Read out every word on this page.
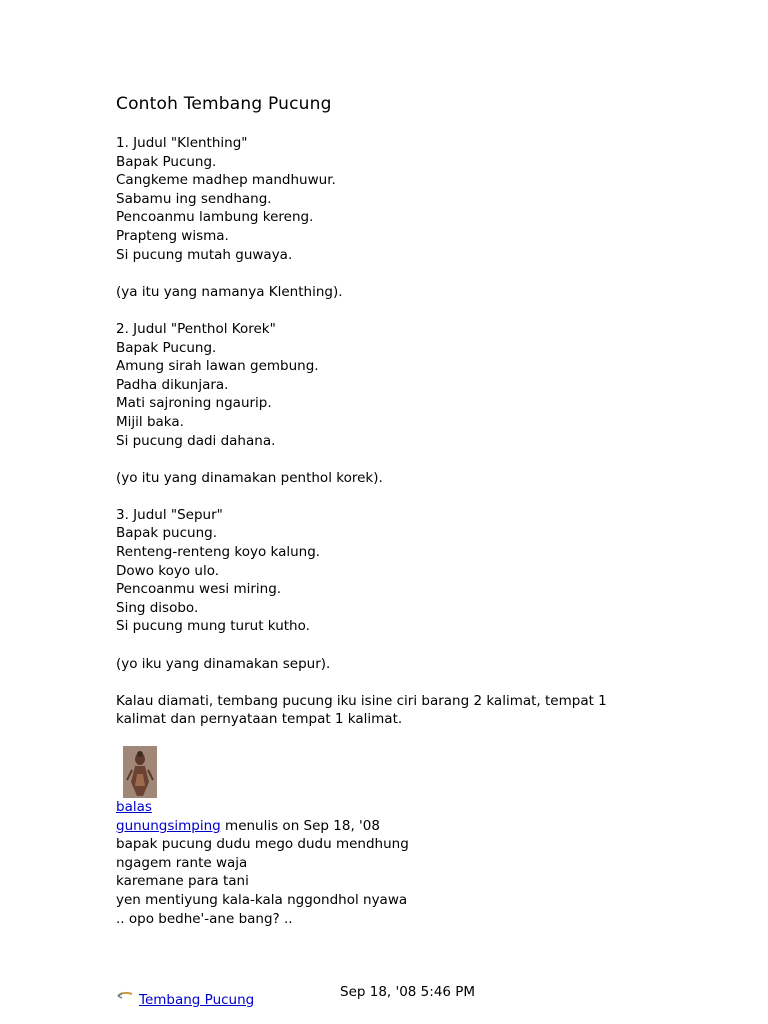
Contoh Tembang Pucung
1. Judul "Klenthing"
Bapak Pucung.
Cangkeme madhep mandhuwur.
Sabamu ing sendhang.
Pencoanmu lambung kereng.
Prapteng wisma.
Si pucung mutah guwaya.
(ya itu yang namanya Klenthing).
2. Judul "Penthol Korek"
Bapak Pucung.
Amung sirah lawan gembung.
Padha dikunjara.
Mati sajroning ngaurip.
Mijil baka.
Si pucung dadi dahana.
(yo itu yang dinamakan penthol korek).
3. Judul "Sepur"
Bapak pucung.
Renteng-renteng koyo kalung.
Dowo koyo ulo.
Pencoanmu wesi miring.
Sing disobo.
Si pucung mung turut kutho.
(yo iku yang dinamakan sepur).
Kalau diamati, tembang pucung iku isine ciri barang 2 kalimat, tempat 1 kalimat dan pernyataan tempat 1 kalimat.
balas
gunungsimping menulis on Sep 18, '08
bapak pucung dudu mego dudu mendhung
ngagem rante waja
karemane para tani
yen mentiyung kala-kala nggondhol nyawa
.. opo bedhe'-ane bang? ..
Tembang Pucung	Sep 18, '08 5:46 PM
